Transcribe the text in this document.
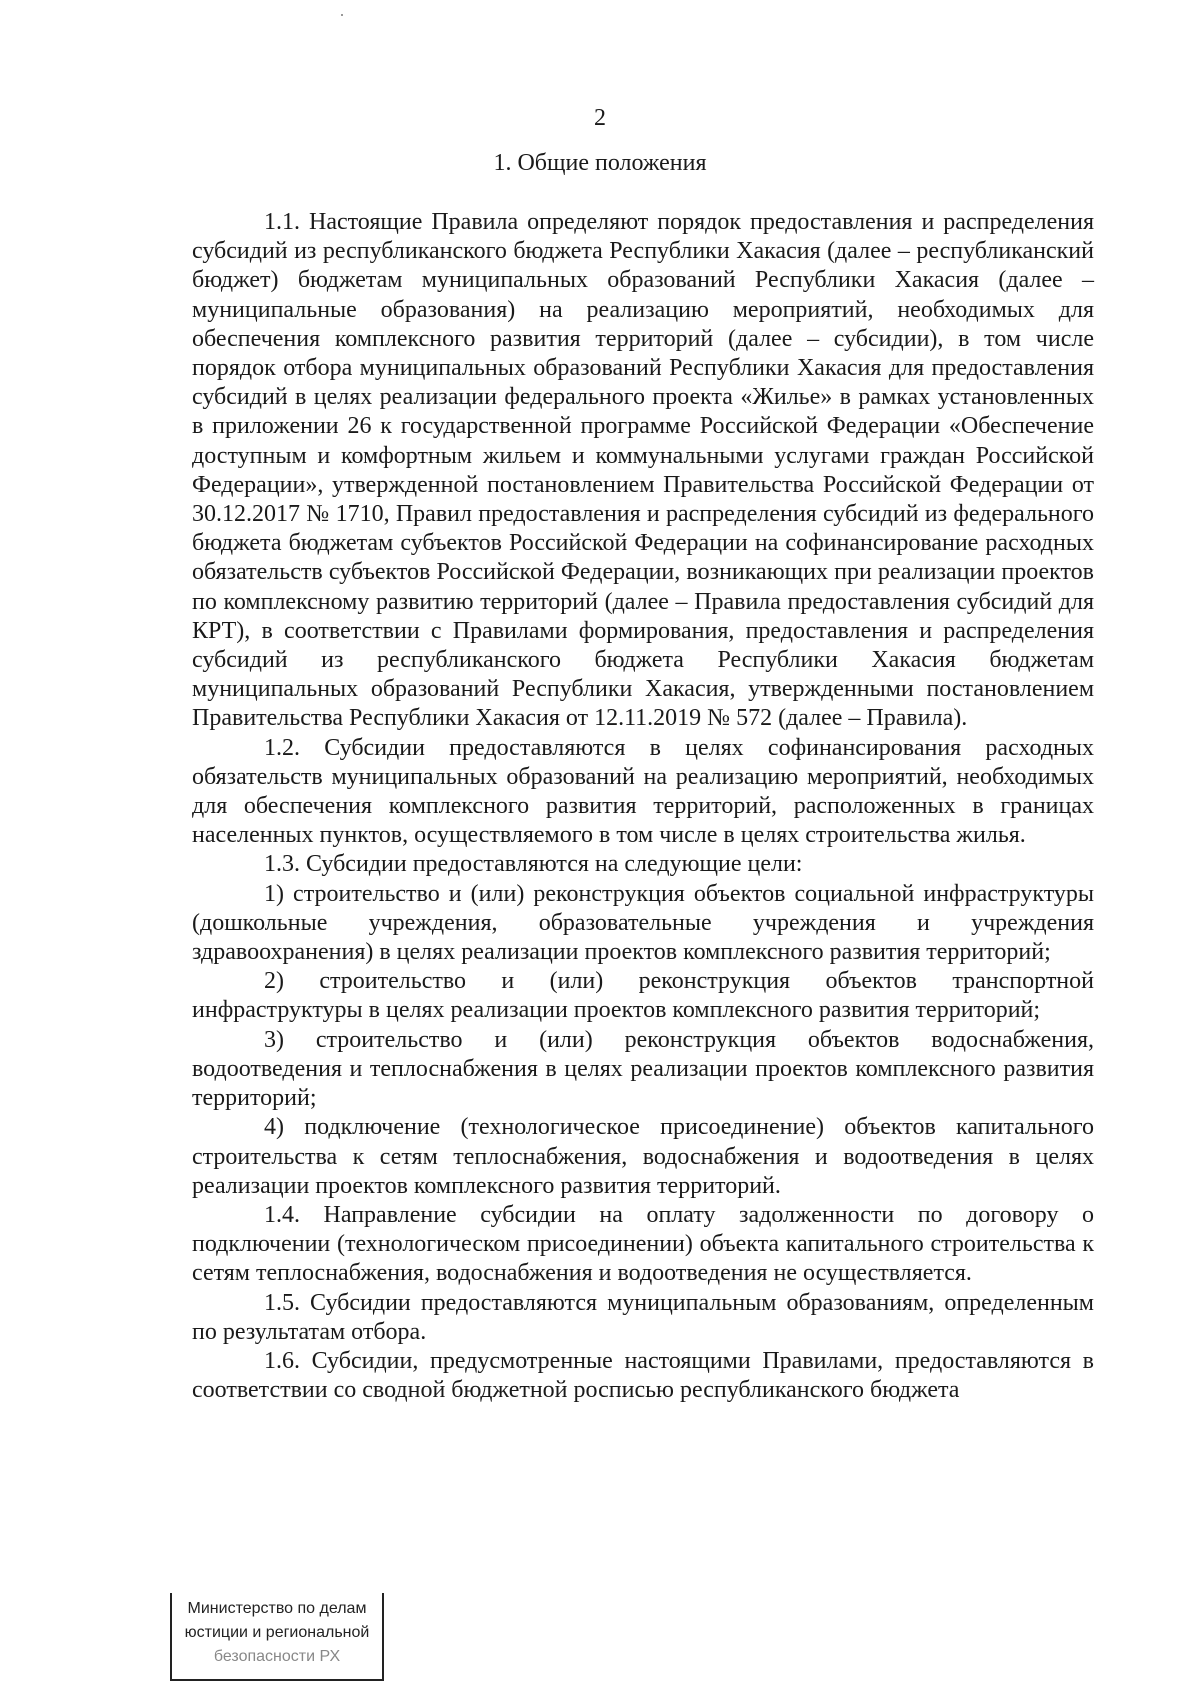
2
1. Общие положения

1.1. Настоящие Правила определяют порядок предоставления и распределения субсидий из республиканского бюджета Республики Хакасия (далее – республиканский бюджет) бюджетам муниципальных образований Республики Хакасия (далее – муниципальные образования) на реализацию мероприятий, необходимых для обеспечения комплексного развития территорий (далее – субсидии), в том числе порядок отбора муниципальных образований Республики Хакасия для предоставления субсидий в целях реализации федерального проекта «Жилье» в рамках установленных в приложении 26 к государственной программе Российской Федерации «Обеспечение доступным и комфортным жильем и коммунальными услугами граждан Российской Федерации», утвержденной постановлением Правительства Российской Федерации от 30.12.2017 № 1710, Правил предоставления и распределения субсидий из федерального бюджета бюджетам субъектов Российской Федерации на софинансирование расходных обязательств субъектов Российской Федерации, возникающих при реализации проектов по комплексному развитию территорий (далее – Правила предоставления субсидий для КРТ), в соответствии с Правилами формирования, предоставления и распределения субсидий из республиканского бюджета Республики Хакасия бюджетам муниципальных образований Республики Хакасия, утвержденными постановлением Правительства Республики Хакасия от 12.11.2019 № 572 (далее – Правила).

1.2. Субсидии предоставляются в целях софинансирования расходных обязательств муниципальных образований на реализацию мероприятий, необходимых для обеспечения комплексного развития территорий, расположенных в границах населенных пунктов, осуществляемого в том числе в целях строительства жилья.

1.3. Субсидии предоставляются на следующие цели:

1) строительство и (или) реконструкция объектов социальной инфраструктуры (дошкольные учреждения, образовательные учреждения и учреждения здравоохранения) в целях реализации проектов комплексного развития территорий;

2) строительство и (или) реконструкция объектов транспортной инфраструктуры в целях реализации проектов комплексного развития территорий;

3) строительство и (или) реконструкция объектов водоснабжения, водоотведения и теплоснабжения в целях реализации проектов комплексного развития территорий;

4) подключение (технологическое присоединение) объектов капитального строительства к сетям теплоснабжения, водоснабжения и водоотведения в целях реализации проектов комплексного развития территорий.

1.4. Направление субсидии на оплату задолженности по договору о подключении (технологическом присоединении) объекта капитального строительства к сетям теплоснабжения, водоснабжения и водоотведения не осуществляется.

1.5. Субсидии предоставляются муниципальным образованиям, определенным по результатам отбора.

1.6. Субсидии, предусмотренные настоящими Правилами, предоставляются в соответствии со сводной бюджетной росписью республиканского бюджета

Министерство по делам
юстиции и региональной
безопасности РХ
